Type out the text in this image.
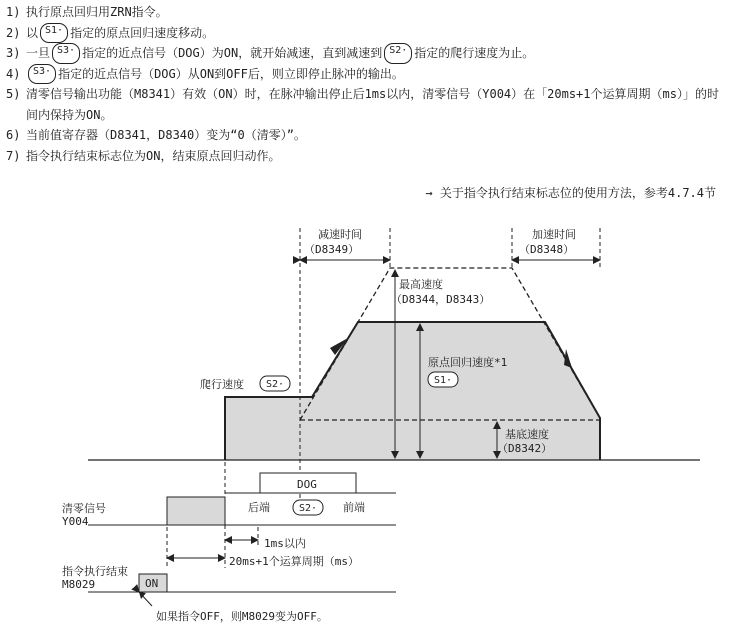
1) 执行原点回归用ZRN指令。
2) 以 S1· 指定的原点回归速度移动。
3) 一旦 S3· 指定的近点信号（DOG）为ON，就开始减速，直到减速到 S2· 指定的爬行速度为止。
4)	S3· 指定的近点信号（DOG）从ON到OFF后，则立即停止脉冲的输出。
5) 清零信号输出功能（M8341）有效（ON）时，在脉冲输出停止后1ms以内，清零信号（Y004）在「20ms+1个运算周期（ms）」的时间内保持为ON。
6) 当前值寄存器（D8341，D8340）变为“0（清零）”。
7) 指令执行结束标志位为ON，结束原点回归动作。
→ 关于指令执行结束标志位的使用方法，参考4.7.4节
减速时间
（D8349）
加速时间
（D8348）
最高速度
（D8344，D8343）
原点回归速度*1
S1·
爬行速度 S2·
基底速度
（D8342）
DOG
后端	S2· 前端
清零信号
Y004
1ms以内
20ms+1个运算周期（ms）
指令执行结束
M8029	ON
如果指令OFF，则M8029变为OFF。
